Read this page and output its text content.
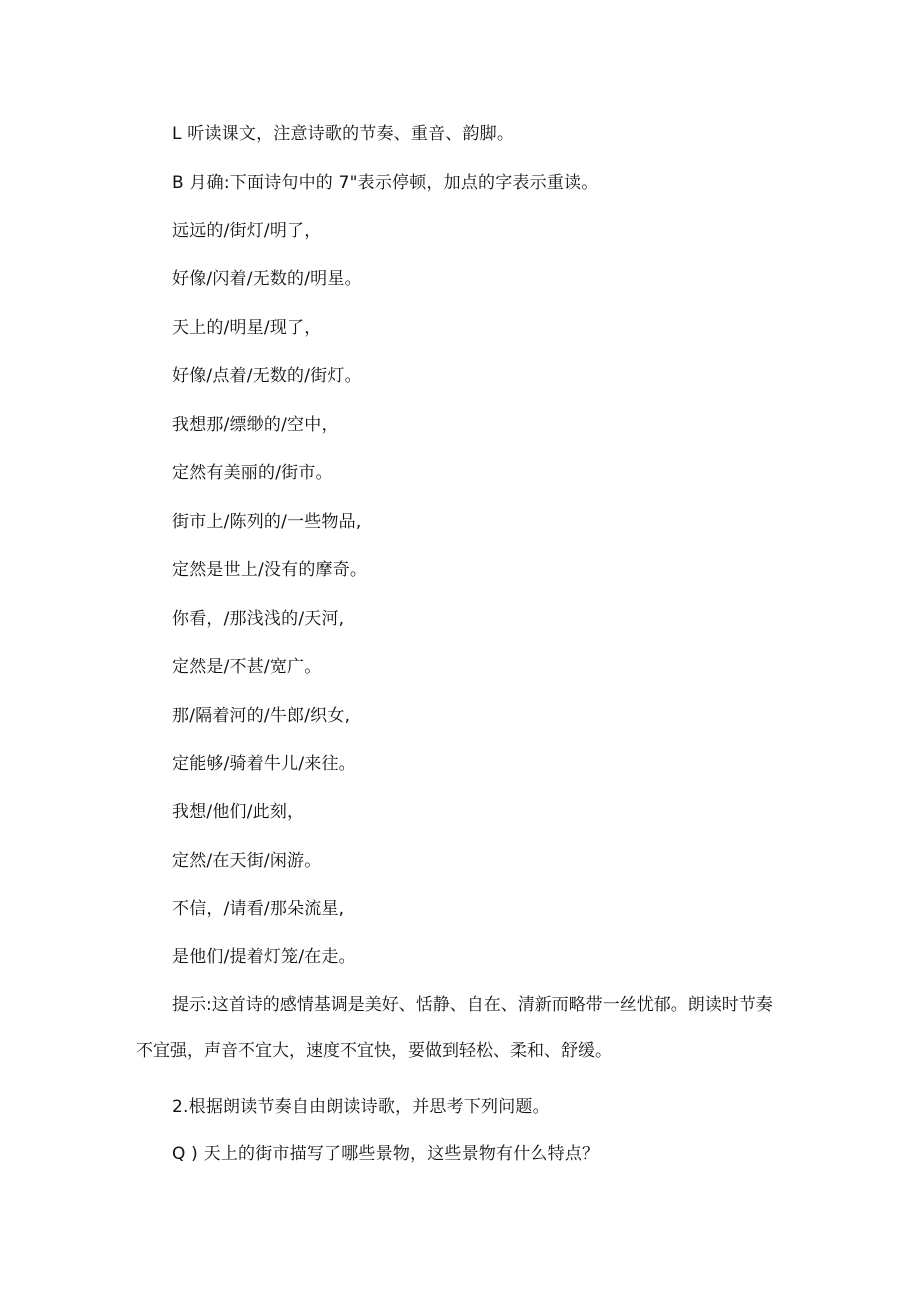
L 听读课文，注意诗歌的节奏、重音、韵脚。
B 月确:下面诗句中的 7"表示停顿，加点的字表示重读。
远远的/街灯/明了，
好像/闪着/无数的/明星。
天上的/明星/现了，
好像/点着/无数的/街灯。
我想那/缥缈的/空中，
定然有美丽的/街市。
街市上/陈列的/一些物品,
定然是世上/没有的摩奇。
你看，/那浅浅的/天河,
定然是/不甚/宽广。
那/隔着河的/牛郎/织女,
定能够/骑着牛儿/来往。
我想/他们/此刻，
定然/在天街/闲游。
不信，/请看/那朵流星,
是他们/提着灯笼/在走。
提示:这首诗的感情基调是美好、恬静、自在、清新而略带一丝忧郁。朗读时节奏
不宜强，声音不宜大，速度不宜快，要做到轻松、柔和、舒缓。
2.根据朗读节奏自由朗读诗歌，并思考下列问题。
Q ) 天上的街市描写了哪些景物，这些景物有什么特点？
